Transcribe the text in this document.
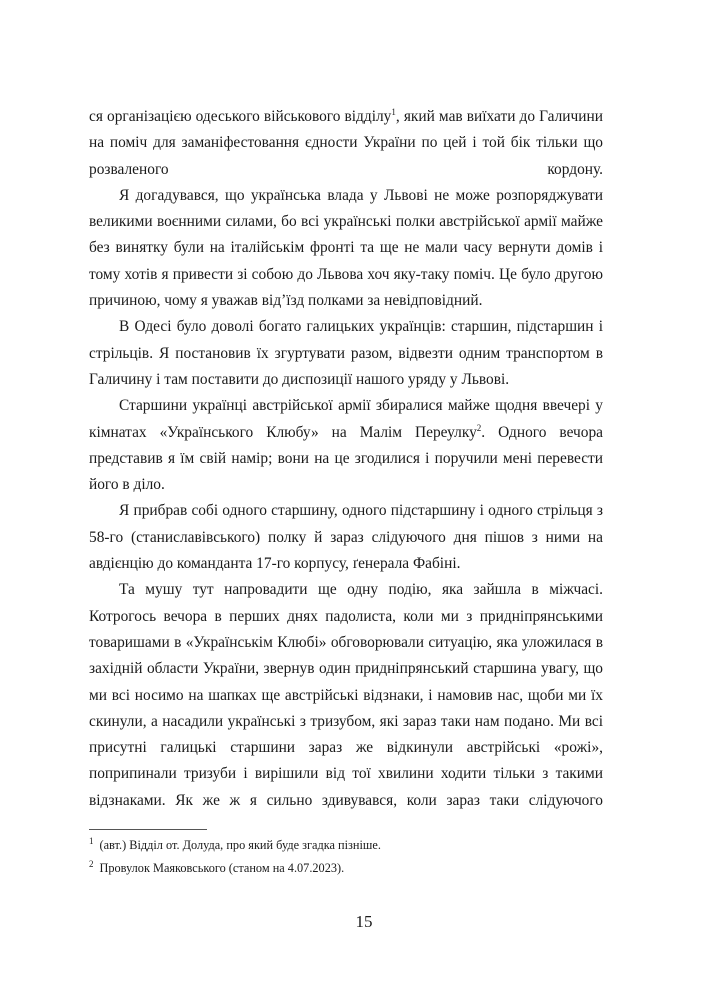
ся організацією одеського військового відділу$^1$, який мав виїхати до Галичини на поміч для заманіфестовання єдности України по цей і той бік тільки що розваленого кордону.

Я догадувався, що українська влада у Львові не може розпоряджувати великими воєнними силами, бо всі українські полки австрійської армії майже без винятку були на італійськім фронті та ще не мали часу вернути домів і тому хотів я привести зі собою до Львова хоч яку-таку поміч. Це було другою причиною, чому я уважав від’їзд полками за невідповідний.

В Одесі було доволі богато галицьких українців: старшин, підстаршин і стрільців. Я постановив їх згуртувати разом, відвезти одним транспортом в Галичину і там поставити до диспозиції нашого уряду у Львові.

Старшини українці австрійської армії збиралися майже щодня ввечері у кімнатах «Українського Клюбу» на Малім Переулку$^2$. Одного вечора представив я їм свій намір; вони на це згодилися і поручили мені перевести його в діло.

Я прибрав собі одного старшину, одного підстаршину і одного стрільця з 58-го (станиславівського) полку й зараз слідуючого дня пішов з ними на авдієнцію до команданта 17-го корпусу, ґенерала Фабіні.

Та мушу тут напровадити ще одну подію, яка зайшла в міжчасі. Котрогось вечора в перших днях падолиста, коли ми з придніпрянськими товаришами в «Українськім Клюбі» обговорювали ситуацію, яка уложилася в західній области України, звернув один придніпрянський старшина увагу, що ми всі носимо на шапках ще австрійські відзнаки, і намовив нас, щоби ми їх скинули, а насадили українські з тризубом, які зараз таки нам подано. Ми всі присутні галицькі старшини зараз же відкинули австрійські «рожі», поприпинали тризуби і вирішили від тої хвилини ходити тільки з такими відзнаками. Як же ж я сильно здивувався, коли зараз таки слідуючого

$^1$ (авт.) Відділ от. Долуда, про який буде згадка пізніше.

$^2$ Провулок Маяковського (станом на 4.07.2023).

15
